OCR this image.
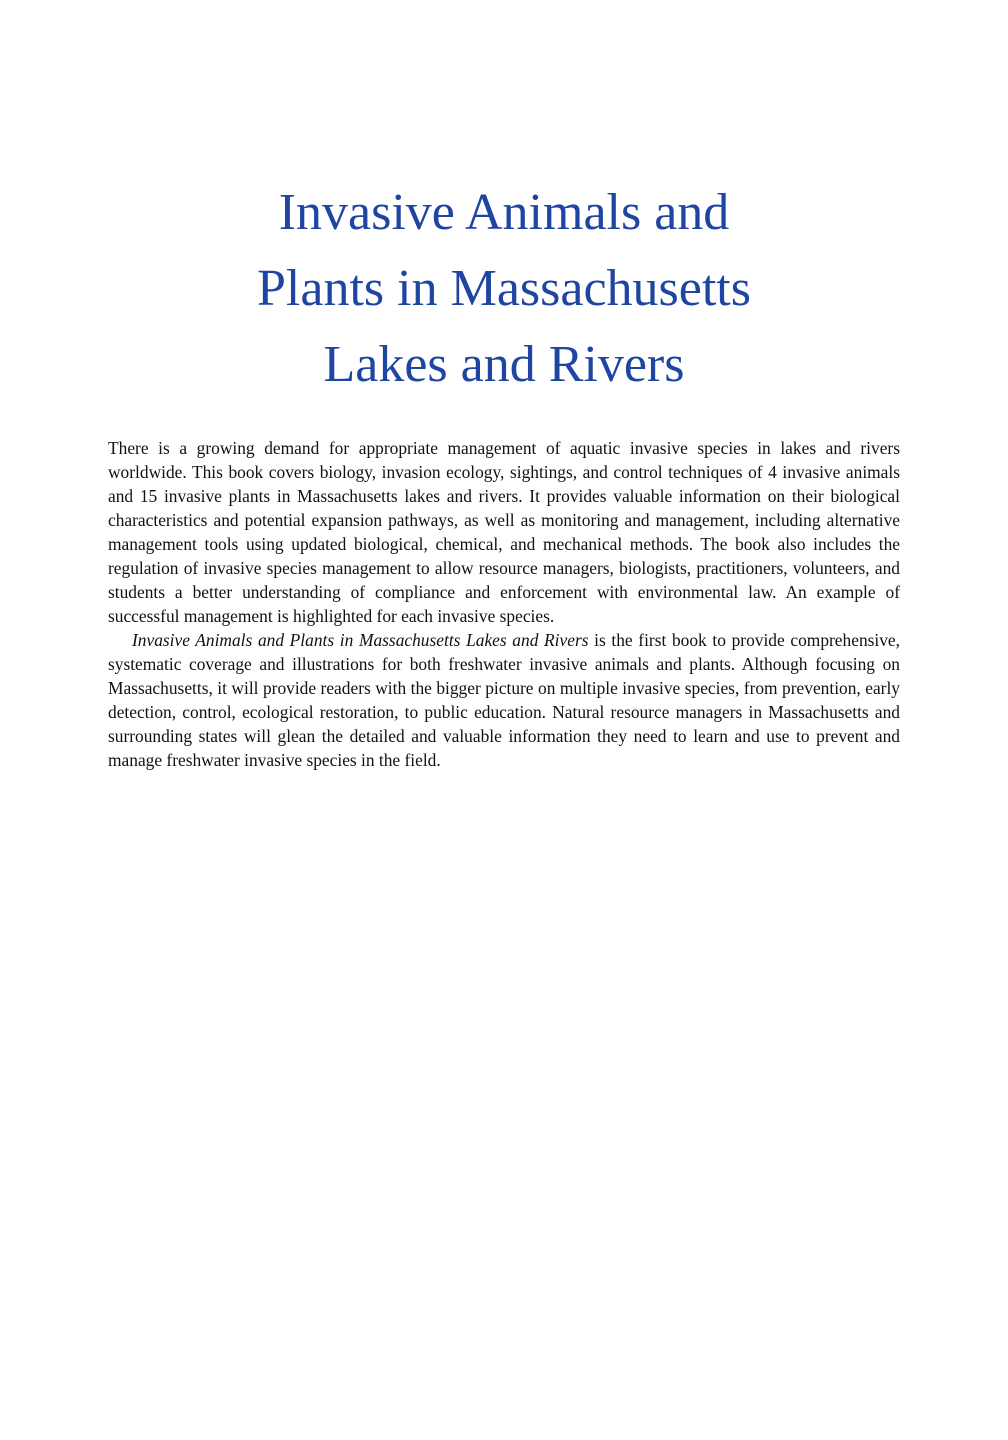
Invasive Animals and
Plants in Massachusetts
Lakes and Rivers

There is a growing demand for appropriate management of aquatic invasive species in lakes and rivers worldwide. This book covers biology, invasion ecology, sightings, and control techniques of 4 invasive animals and 15 invasive plants in Massachusetts lakes and rivers. It provides valuable information on their biological characteristics and potential expansion pathways, as well as monitoring and management, including alternative management tools using updated biological, chemical, and mechanical methods. The book also includes the regulation of invasive species management to allow resource managers, biologists, practitioners, volunteers, and students a better understanding of compliance and enforcement with environmental law. An example of successful management is highlighted for each invasive species.

Invasive Animals and Plants in Massachusetts Lakes and Rivers is the first book to provide comprehensive, systematic coverage and illustrations for both freshwater invasive animals and plants. Although focusing on Massachusetts, it will provide readers with the bigger picture on multiple invasive species, from prevention, early detection, control, ecological restoration, to public education. Natural resource managers in Massachusetts and surrounding states will glean the detailed and valuable information they need to learn and use to prevent and manage freshwater invasive species in the field.
